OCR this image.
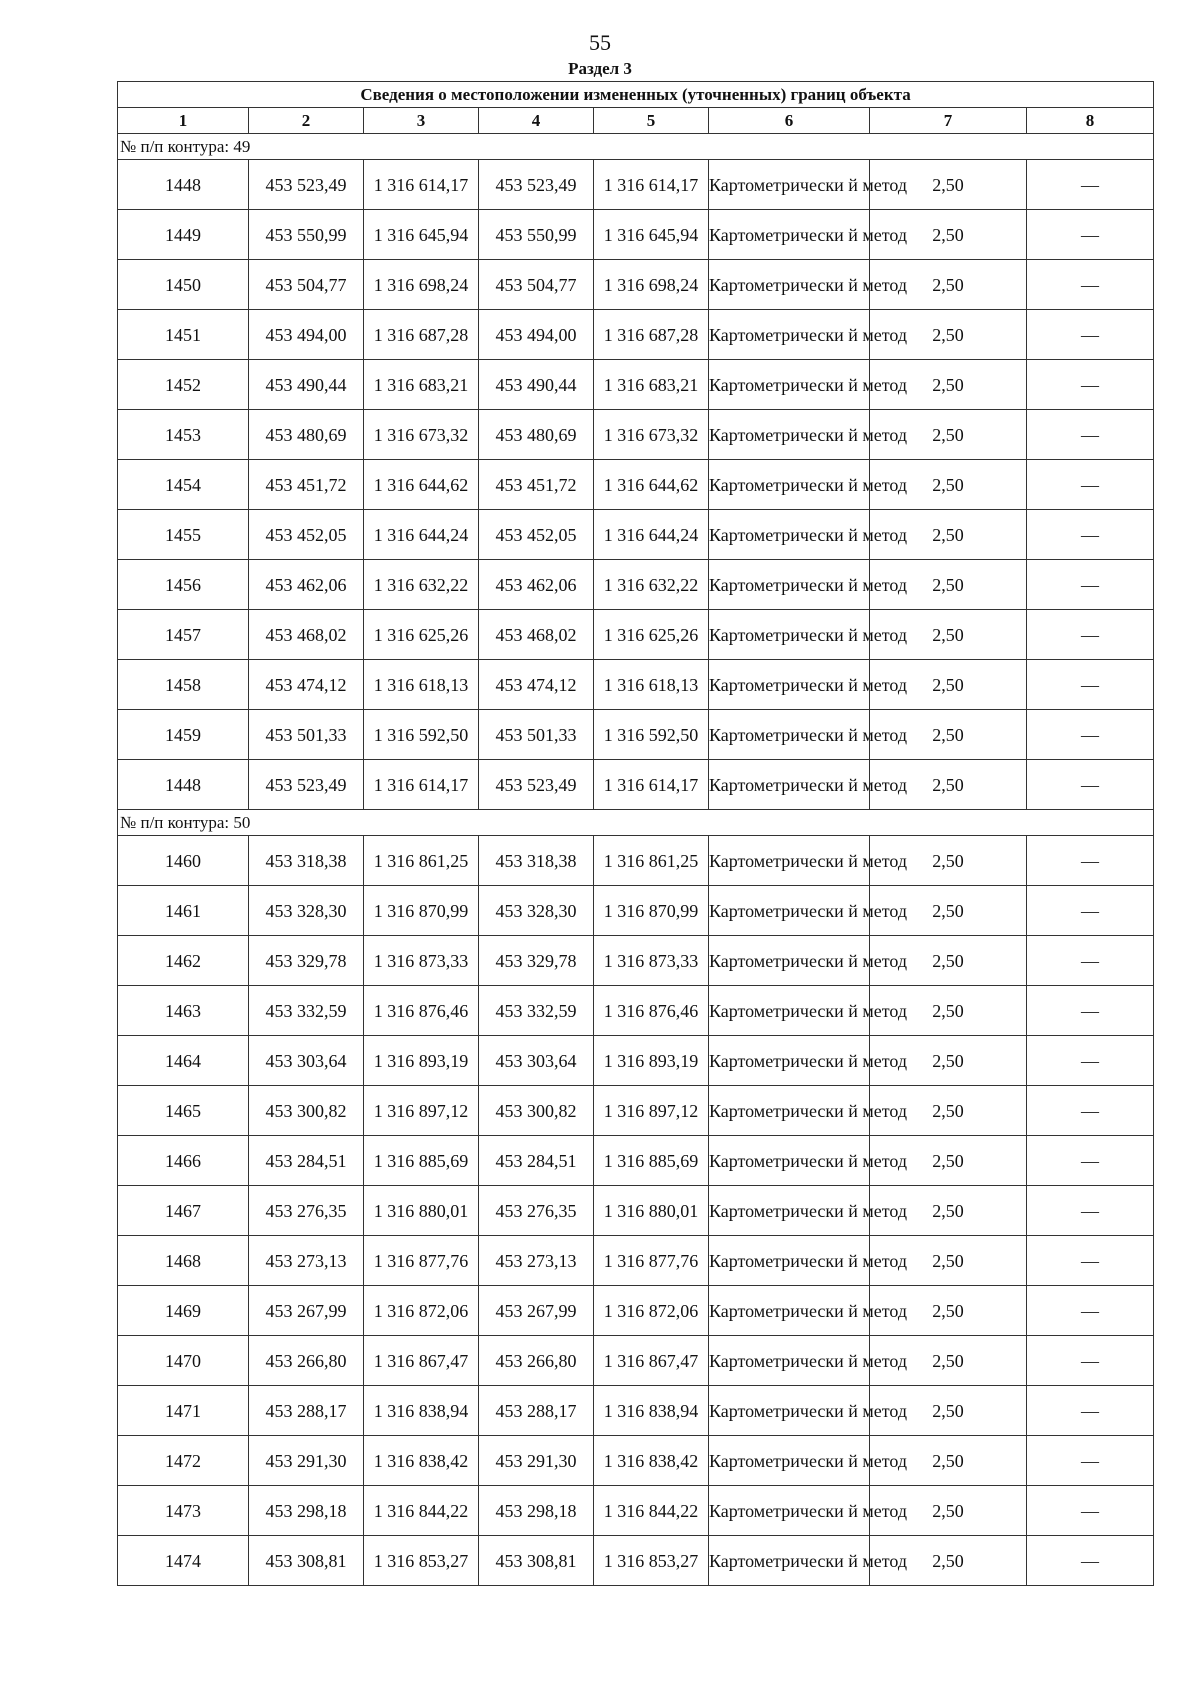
55
Раздел 3
Сведения о местоположении измененных (уточненных) границ объекта							
1	2	3	4	5	6	7	8
№ п/п контура: 49							
1448	453 523,49	1 316 614,17	453 523,49	1 316 614,17	Картометрически й метод	2,50	—
1449	453 550,99	1 316 645,94	453 550,99	1 316 645,94	Картометрически й метод	2,50	—
1450	453 504,77	1 316 698,24	453 504,77	1 316 698,24	Картометрически й метод	2,50	—
1451	453 494,00	1 316 687,28	453 494,00	1 316 687,28	Картометрически й метод	2,50	—
1452	453 490,44	1 316 683,21	453 490,44	1 316 683,21	Картометрически й метод	2,50	—
1453	453 480,69	1 316 673,32	453 480,69	1 316 673,32	Картометрически й метод	2,50	—
1454	453 451,72	1 316 644,62	453 451,72	1 316 644,62	Картометрически й метод	2,50	—
1455	453 452,05	1 316 644,24	453 452,05	1 316 644,24	Картометрически й метод	2,50	—
1456	453 462,06	1 316 632,22	453 462,06	1 316 632,22	Картометрически й метод	2,50	—
1457	453 468,02	1 316 625,26	453 468,02	1 316 625,26	Картометрически й метод	2,50	—
1458	453 474,12	1 316 618,13	453 474,12	1 316 618,13	Картометрически й метод	2,50	—
1459	453 501,33	1 316 592,50	453 501,33	1 316 592,50	Картометрически й метод	2,50	—
1448	453 523,49	1 316 614,17	453 523,49	1 316 614,17	Картометрически й метод	2,50	—
№ п/п контура: 50							
1460	453 318,38	1 316 861,25	453 318,38	1 316 861,25	Картометрически й метод	2,50	—
1461	453 328,30	1 316 870,99	453 328,30	1 316 870,99	Картометрически й метод	2,50	—
1462	453 329,78	1 316 873,33	453 329,78	1 316 873,33	Картометрически й метод	2,50	—
1463	453 332,59	1 316 876,46	453 332,59	1 316 876,46	Картометрически й метод	2,50	—
1464	453 303,64	1 316 893,19	453 303,64	1 316 893,19	Картометрически й метод	2,50	—
1465	453 300,82	1 316 897,12	453 300,82	1 316 897,12	Картометрически й метод	2,50	—
1466	453 284,51	1 316 885,69	453 284,51	1 316 885,69	Картометрически й метод	2,50	—
1467	453 276,35	1 316 880,01	453 276,35	1 316 880,01	Картометрически й метод	2,50	—
1468	453 273,13	1 316 877,76	453 273,13	1 316 877,76	Картометрически й метод	2,50	—
1469	453 267,99	1 316 872,06	453 267,99	1 316 872,06	Картометрически й метод	2,50	—
1470	453 266,80	1 316 867,47	453 266,80	1 316 867,47	Картометрически й метод	2,50	—
1471	453 288,17	1 316 838,94	453 288,17	1 316 838,94	Картометрически й метод	2,50	—
1472	453 291,30	1 316 838,42	453 291,30	1 316 838,42	Картометрически й метод	2,50	—
1473	453 298,18	1 316 844,22	453 298,18	1 316 844,22	Картометрически й метод	2,50	—
1474	453 308,81	1 316 853,27	453 308,81	1 316 853,27	Картометрически й метод	2,50	—
